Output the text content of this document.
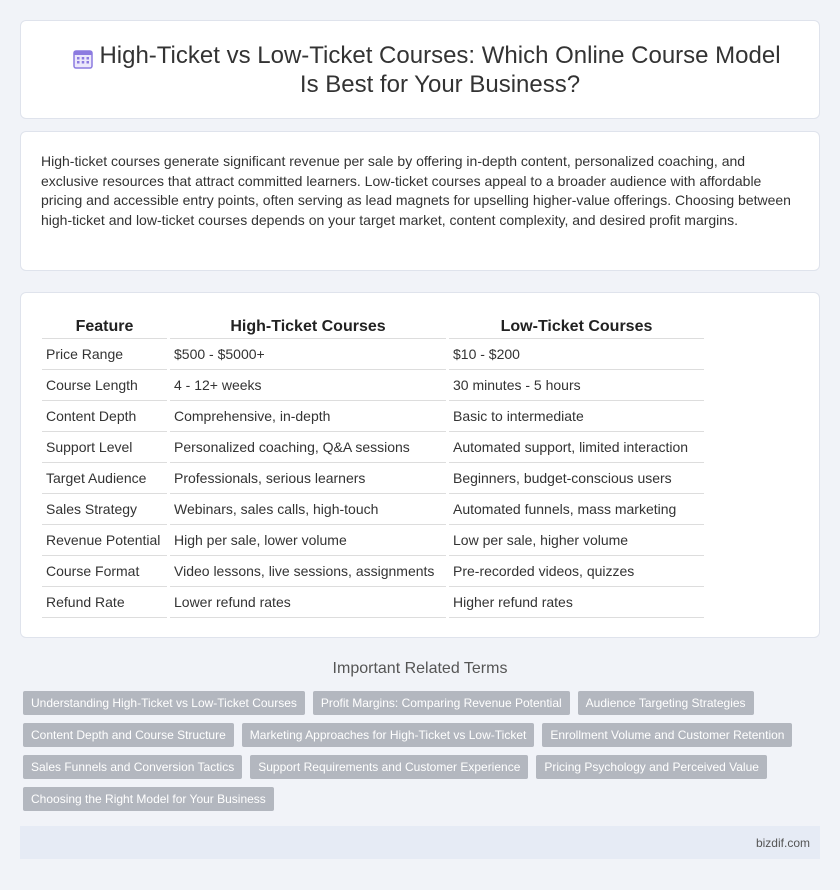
High-Ticket vs Low-Ticket Courses: Which Online Course Model Is Best for Your Business?

High-ticket courses generate significant revenue per sale by offering in-depth content, personalized coaching, and exclusive resources that attract committed learners. Low-ticket courses appeal to a broader audience with affordable pricing and accessible entry points, often serving as lead magnets for upselling higher-value offerings. Choosing between high-ticket and low-ticket courses depends on your target market, content complexity, and desired profit margins.

Feature	High-Ticket Courses	Low-Ticket Courses
Price Range	$500 - $5000+	$10 - $200
Course Length	4 - 12+ weeks	30 minutes - 5 hours
Content Depth	Comprehensive, in-depth	Basic to intermediate
Support Level	Personalized coaching, Q&A sessions	Automated support, limited interaction
Target Audience	Professionals, serious learners	Beginners, budget-conscious users
Sales Strategy	Webinars, sales calls, high-touch	Automated funnels, mass marketing
Revenue Potential	High per sale, lower volume	Low per sale, higher volume
Course Format	Video lessons, live sessions, assignments	Pre-recorded videos, quizzes
Refund Rate	Lower refund rates	Higher refund rates
Important Related Terms
Understanding High-Ticket vs Low-Ticket Courses	Profit Margins: Comparing Revenue Potential	Audience Targeting Strategies
Content Depth and Course Structure	Marketing Approaches for High-Ticket vs Low-Ticket	Enrollment Volume and Customer Retention
Sales Funnels and Conversion Tactics	Support Requirements and Customer Experience	Pricing Psychology and Perceived Value
Choosing the Right Model for Your Business
bizdif.com
